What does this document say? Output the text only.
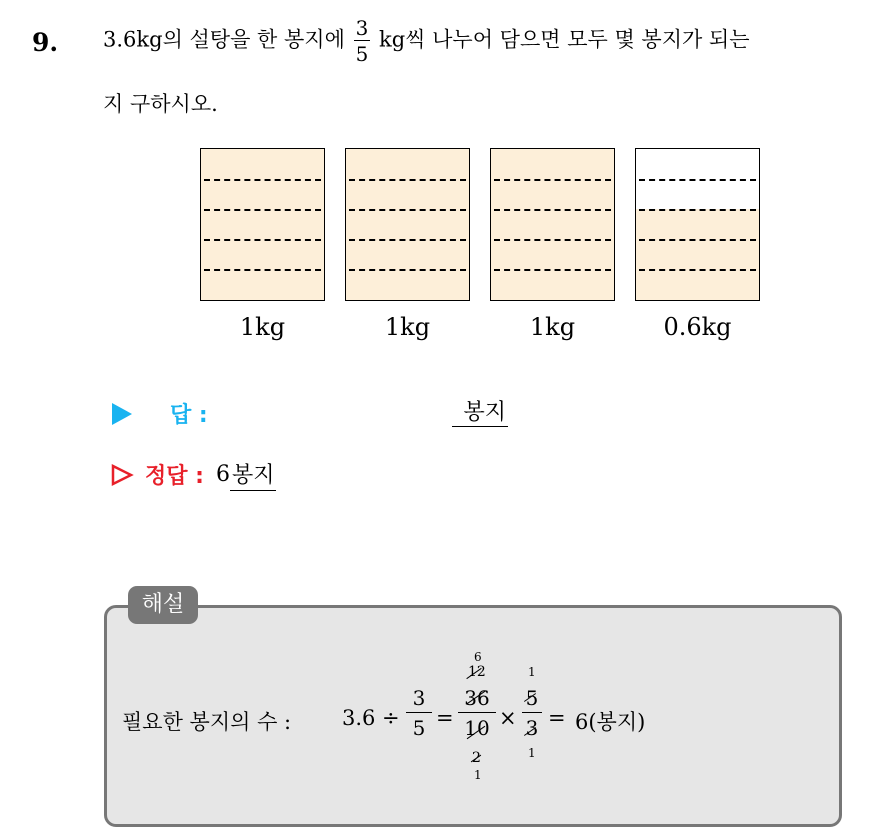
9. 3.6kg의 설탕을 한 봉지에 $\frac{3}{5}$ kg씩 나누어 담으면 모두 몇 봉지가 되는
지 구하시오.
1kg	1kg	1kg	0.6kg
답 :	봉지
정답 : 6 봉지
해설
필요한 봉지의 수 : $3.6 \div \frac{3}{5} = \frac{36}{10}$
12
6
2
1
× $\frac{5}{3}$
1
1
= 6(봉지)
